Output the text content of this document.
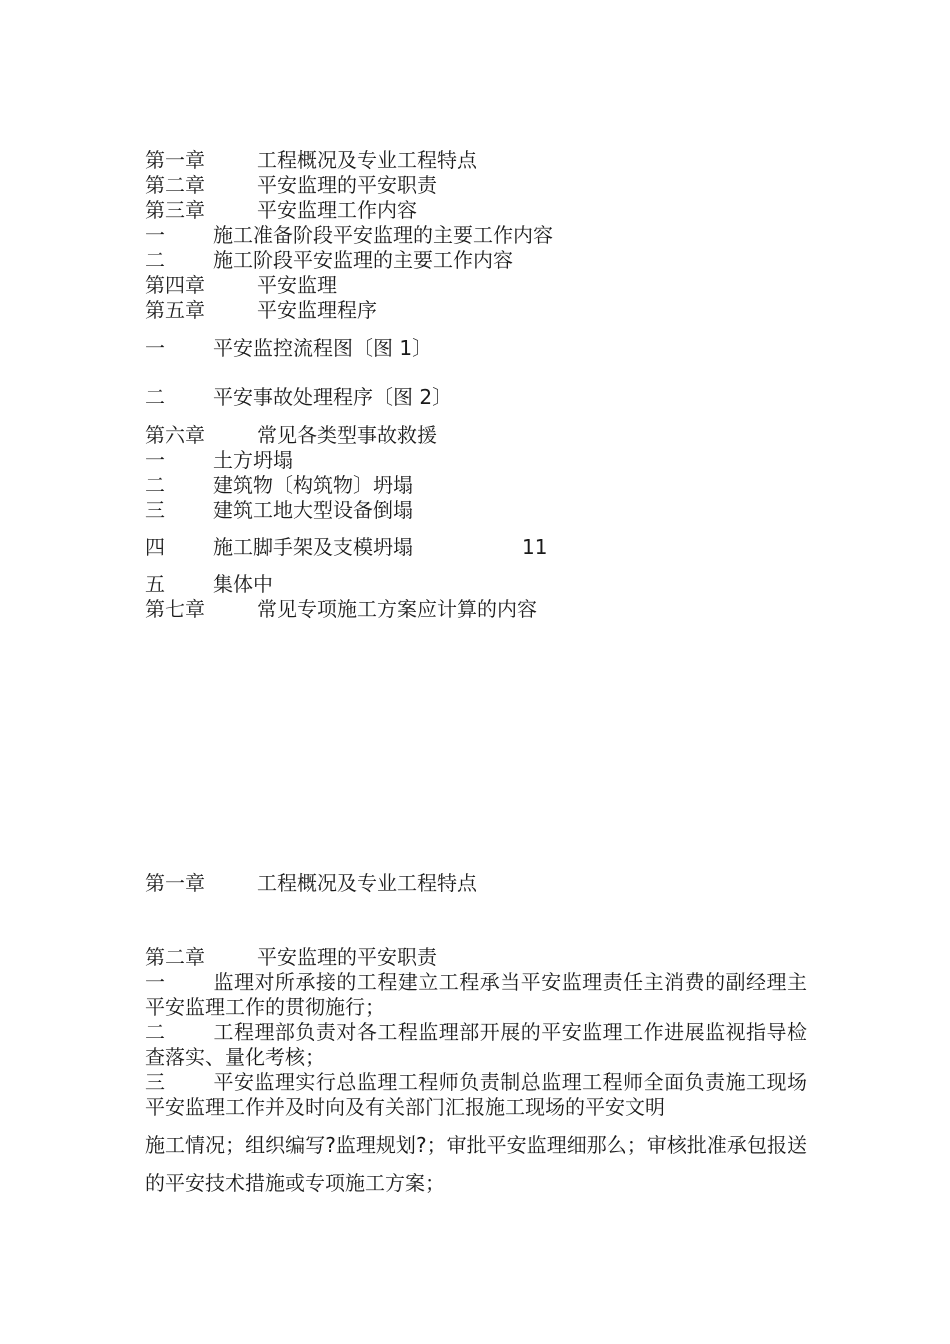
第一章	工程概况及专业工程特点
第二章	平安监理的平安职责
第三章	平安监理工作内容
一 施工准备阶段平安监理的主要工作内容
二 施工阶段平安监理的主要工作内容
第四章	平安监理
第五章	平安监理程序
一 平安监控流程图〔图 1〕
二 平安事故处理程序〔图 2〕
第六章	常见各类型事故救援
一 土方坍塌
二 建筑物〔构筑物〕坍塌
三 建筑工地大型设备倒塌
四 施工脚手架及支模坍塌	11
五 集体中
第七章	常见专项施工方案应计算的内容
第一章	工程概况及专业工程特点
第二章	平安监理的平安职责
一 监理对所承接的工程建立工程承当平安监理责任主消费的副经理主平安监理工作的贯彻施行；
二 工程理部负责对各工程监理部开展的平安监理工作进展监视指导检查落实、量化考核；
三 平安监理实行总监理工程师负责制总监理工程师全面负责施工现场平安监理工作并及时向及有关部门汇报施工现场的平安文明
施工情况；组织编写?监理规划?；审批平安监理细那么；审核批准承包报送的平安技术措施或专项施工方案；
